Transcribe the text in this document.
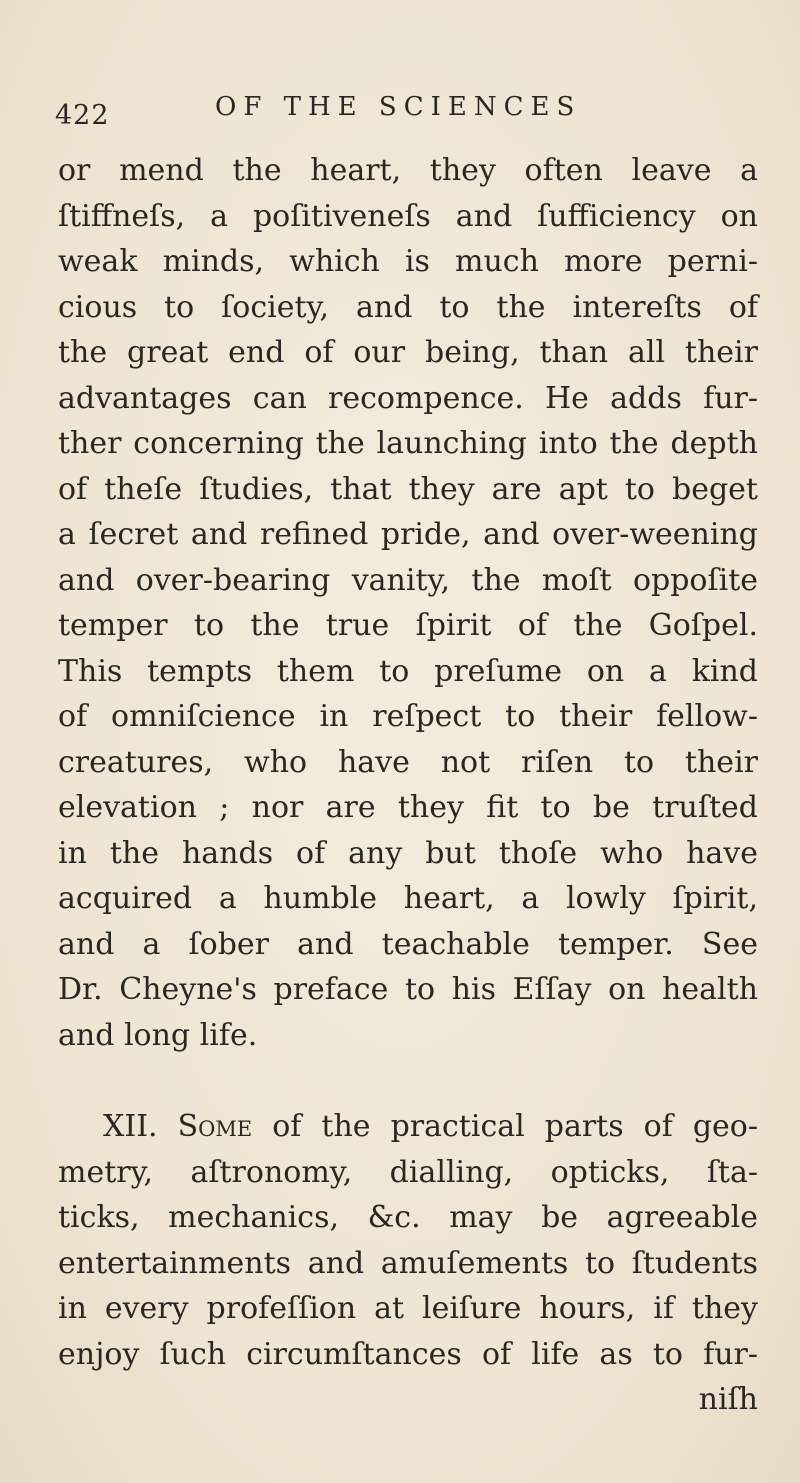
422	OF THE SCIENCES
or mend the heart, they often leave a
ſtiffneſs, a poſitiveneſs and ſufficiency on
weak minds, which is much more perni-
cious to ſociety, and to the intereſts of
the great end of our being, than all their
advantages can recompence. He adds fur-
ther concerning the launching into the depth
of theſe ſtudies, that they are apt to beget
a ſecret and refined pride, and over-weening
and over-bearing vanity, the moſt oppoſite
temper to the true ſpirit of the Goſpel.
This tempts them to preſume on a kind
of omniſcience in reſpect to their fellow-
creatures, who have not riſen to their
elevation ; nor are they fit to be truſted
in the hands of any but thoſe who have
acquired a humble heart, a lowly ſpirit,
and a ſober and teachable temper. See
Dr. Cheyne's preface to his Eſſay on health
and long life.
XII. Some of the practical parts of geo-
metry, aſtronomy, dialling, opticks, ſta-
ticks, mechanics, &c. may be agreeable
entertainments and amuſements to ſtudents
in every profeſſion at leiſure hours, if they
enjoy ſuch circumſtances of life as to fur-
niſh
